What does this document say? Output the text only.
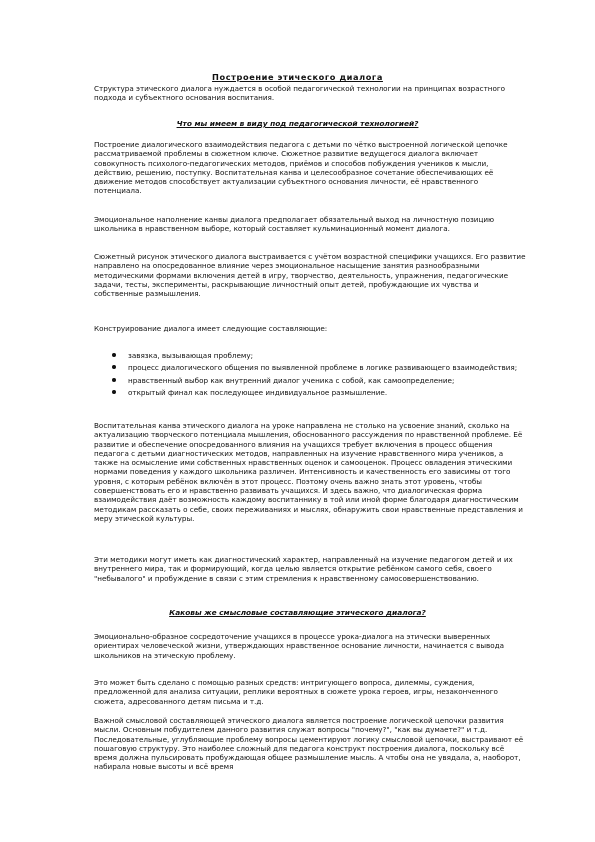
Построение этического диалога

Структура этического диалога нуждается в особой педагогической технологии на принципах возрастного подхода и субъектного основания воспитания.

Что мы имеем в виду под педагогической технологией?

Построение диалогического взаимодействия педагога с детьми по чётко выстроенной логической цепочке рассматриваемой проблемы в сюжетном ключе. Сюжетное развитие ведущегося диалога включает совокупность психолого-педагогических методов, приёмов и способов побуждения учеников к мысли, действию, решению, поступку. Воспитательная канва и целесообразное сочетание обеспечивающих её движение методов способствует актуализации субъектного основания личности, её нравственного потенциала.

Эмоциональное наполнение канвы диалога предполагает обязательный выход на личностную позицию школьника в нравственном выборе, который составляет кульминационный момент диалога.

Сюжетный рисунок этического диалога выстраивается с учётом возрастной специфики учащихся. Его развитие направлено на опосредованное влияние через эмоциональное насыщение занятия разнообразными методическими формами включения детей в игру, творчество, деятельность, упражнения, педагогические задачи, тесты, эксперименты, раскрывающие личностный опыт детей, пробуждающие их чувства и собственные размышления.

Конструирование диалога имеет следующие составляющие:

завязка, вызывающая проблему;
процесс диалогического общения по выявленной проблеме в логике развивающего взаимодействия;
нравственный выбор как внутренний диалог ученика с собой, как самоопределение;
открытый финал как последующее индивидуальное размышление.

Воспитательная канва этического диалога на уроке направлена не столько на усвоение знаний, сколько на актуализацию творческого потенциала мышления, обоснованного рассуждения по нравственной проблеме. Её развитие и обеспечение опосредованного влияния на учащихся требует включения в процесс общения педагога с детьми диагностических методов, направленных на изучение нравственного мира учеников, а также на осмысление ими собственных нравственных оценок и самооценок. Процесс овладения этическими нормами поведения у каждого школьника различен. Интенсивность и качественность его зависимы от того уровня, с которым ребёнок включён в этот процесс. Поэтому очень важно знать этот уровень, чтобы совершенствовать его и нравственно развивать учащихся. И здесь важно, что диалогическая форма взаимодействия даёт возможность каждому воспитаннику в той или иной форме благодаря диагностическим методикам рассказать о себе, своих переживаниях и мыслях, обнаружить свои нравственные представления и меру этической культуры.

Эти методики могут иметь как диагностический характер, направленный на изучение педагогом детей и их внутреннего мира, так и формирующий, когда целью является открытие ребёнком самого себя, своего "небывалого" и пробуждение в связи с этим стремления к нравственному самосовершенствованию.

Каковы же смысловые составляющие этического диалога?

Эмоционально-образное сосредоточение учащихся в процессе урока-диалога на этически выверенных ориентирах человеческой жизни, утверждающих нравственное основание личности, начинается с вывода школьников на этическую проблему.

Это может быть сделано с помощью разных средств: интригующего вопроса, дилеммы, суждения, предложенной для анализа ситуации, реплики вероятных в сюжете урока героев, игры, незаконченного сюжета, адресованного детям письма и т.д.

Важной смысловой составляющей этического диалога является построение логической цепочки развития мысли. Основным побудителем данного развития служат вопросы "почему?", "как вы думаете?" и т.д. Последовательные, углубляющие проблему вопросы цементируют логику смысловой цепочки, выстраивают её пошаговую структуру. Это наиболее сложный для педагога конструкт построения диалога, поскольку всё время должна пульсировать пробуждающая общее размышление мысль. А чтобы она не увядала, а, наоборот, набирала новые высоты и всё время
